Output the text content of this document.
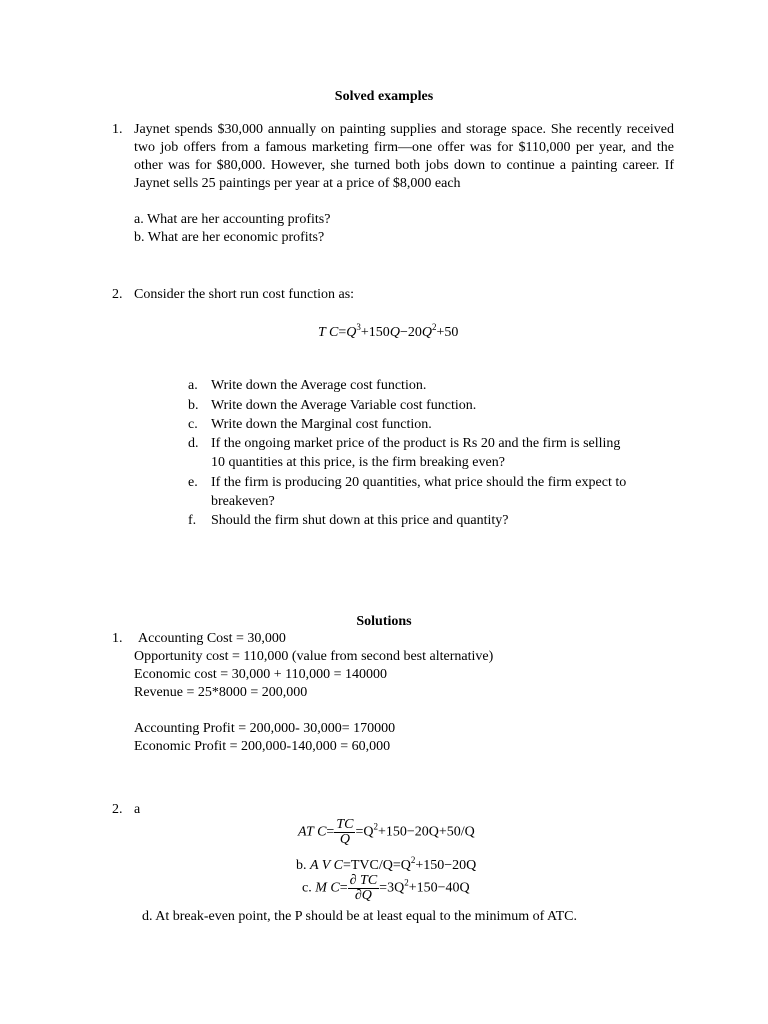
Solved examples
1. Jaynet spends $30,000 annually on painting supplies and storage space. She recently received two job offers from a famous marketing firm—one offer was for $110,000 per year, and the other was for $80,000. However, she turned both jobs down to continue a painting career. If Jaynet sells 25 paintings per year at a price of $8,000 each
a. What are her accounting profits?
b. What are her economic profits?
2. Consider the short run cost function as:
T $C=Q^3+150Q-20Q^2+50$
a. Write down the Average cost function.
b. Write down the Average Variable cost function.
c. Write down the Marginal cost function.
d. If the ongoing market price of the product is Rs 20 and the firm is selling
10 quantities at this price, is the firm breaking even?
e. If the firm is producing 20 quantities, what price should the firm expect to
breakeven?
f. Should the firm shut down at this price and quantity?
Solutions
1. Accounting Cost = 30,000
Opportunity cost = 110,000 (value from second best alternative)
Economic cost = 30,000 + 110,000 = 140000
Revenue = 25*8000 = 200,000
Accounting Profit = 200,000- 30,000= 170000
Economic Profit = 200,000-140,000 = 60,000
2. a
AT $C= \frac{TC}{Q} =Q^2+150-20Q+50/Q$
b. A V $C=TVC/Q=Q^2+150-20Q$
c. M $C= \frac{\partial TC}{\partial Q} =3Q^2+150-40Q$
d. At break-even point, the P should be at least equal to the minimum of ATC.
